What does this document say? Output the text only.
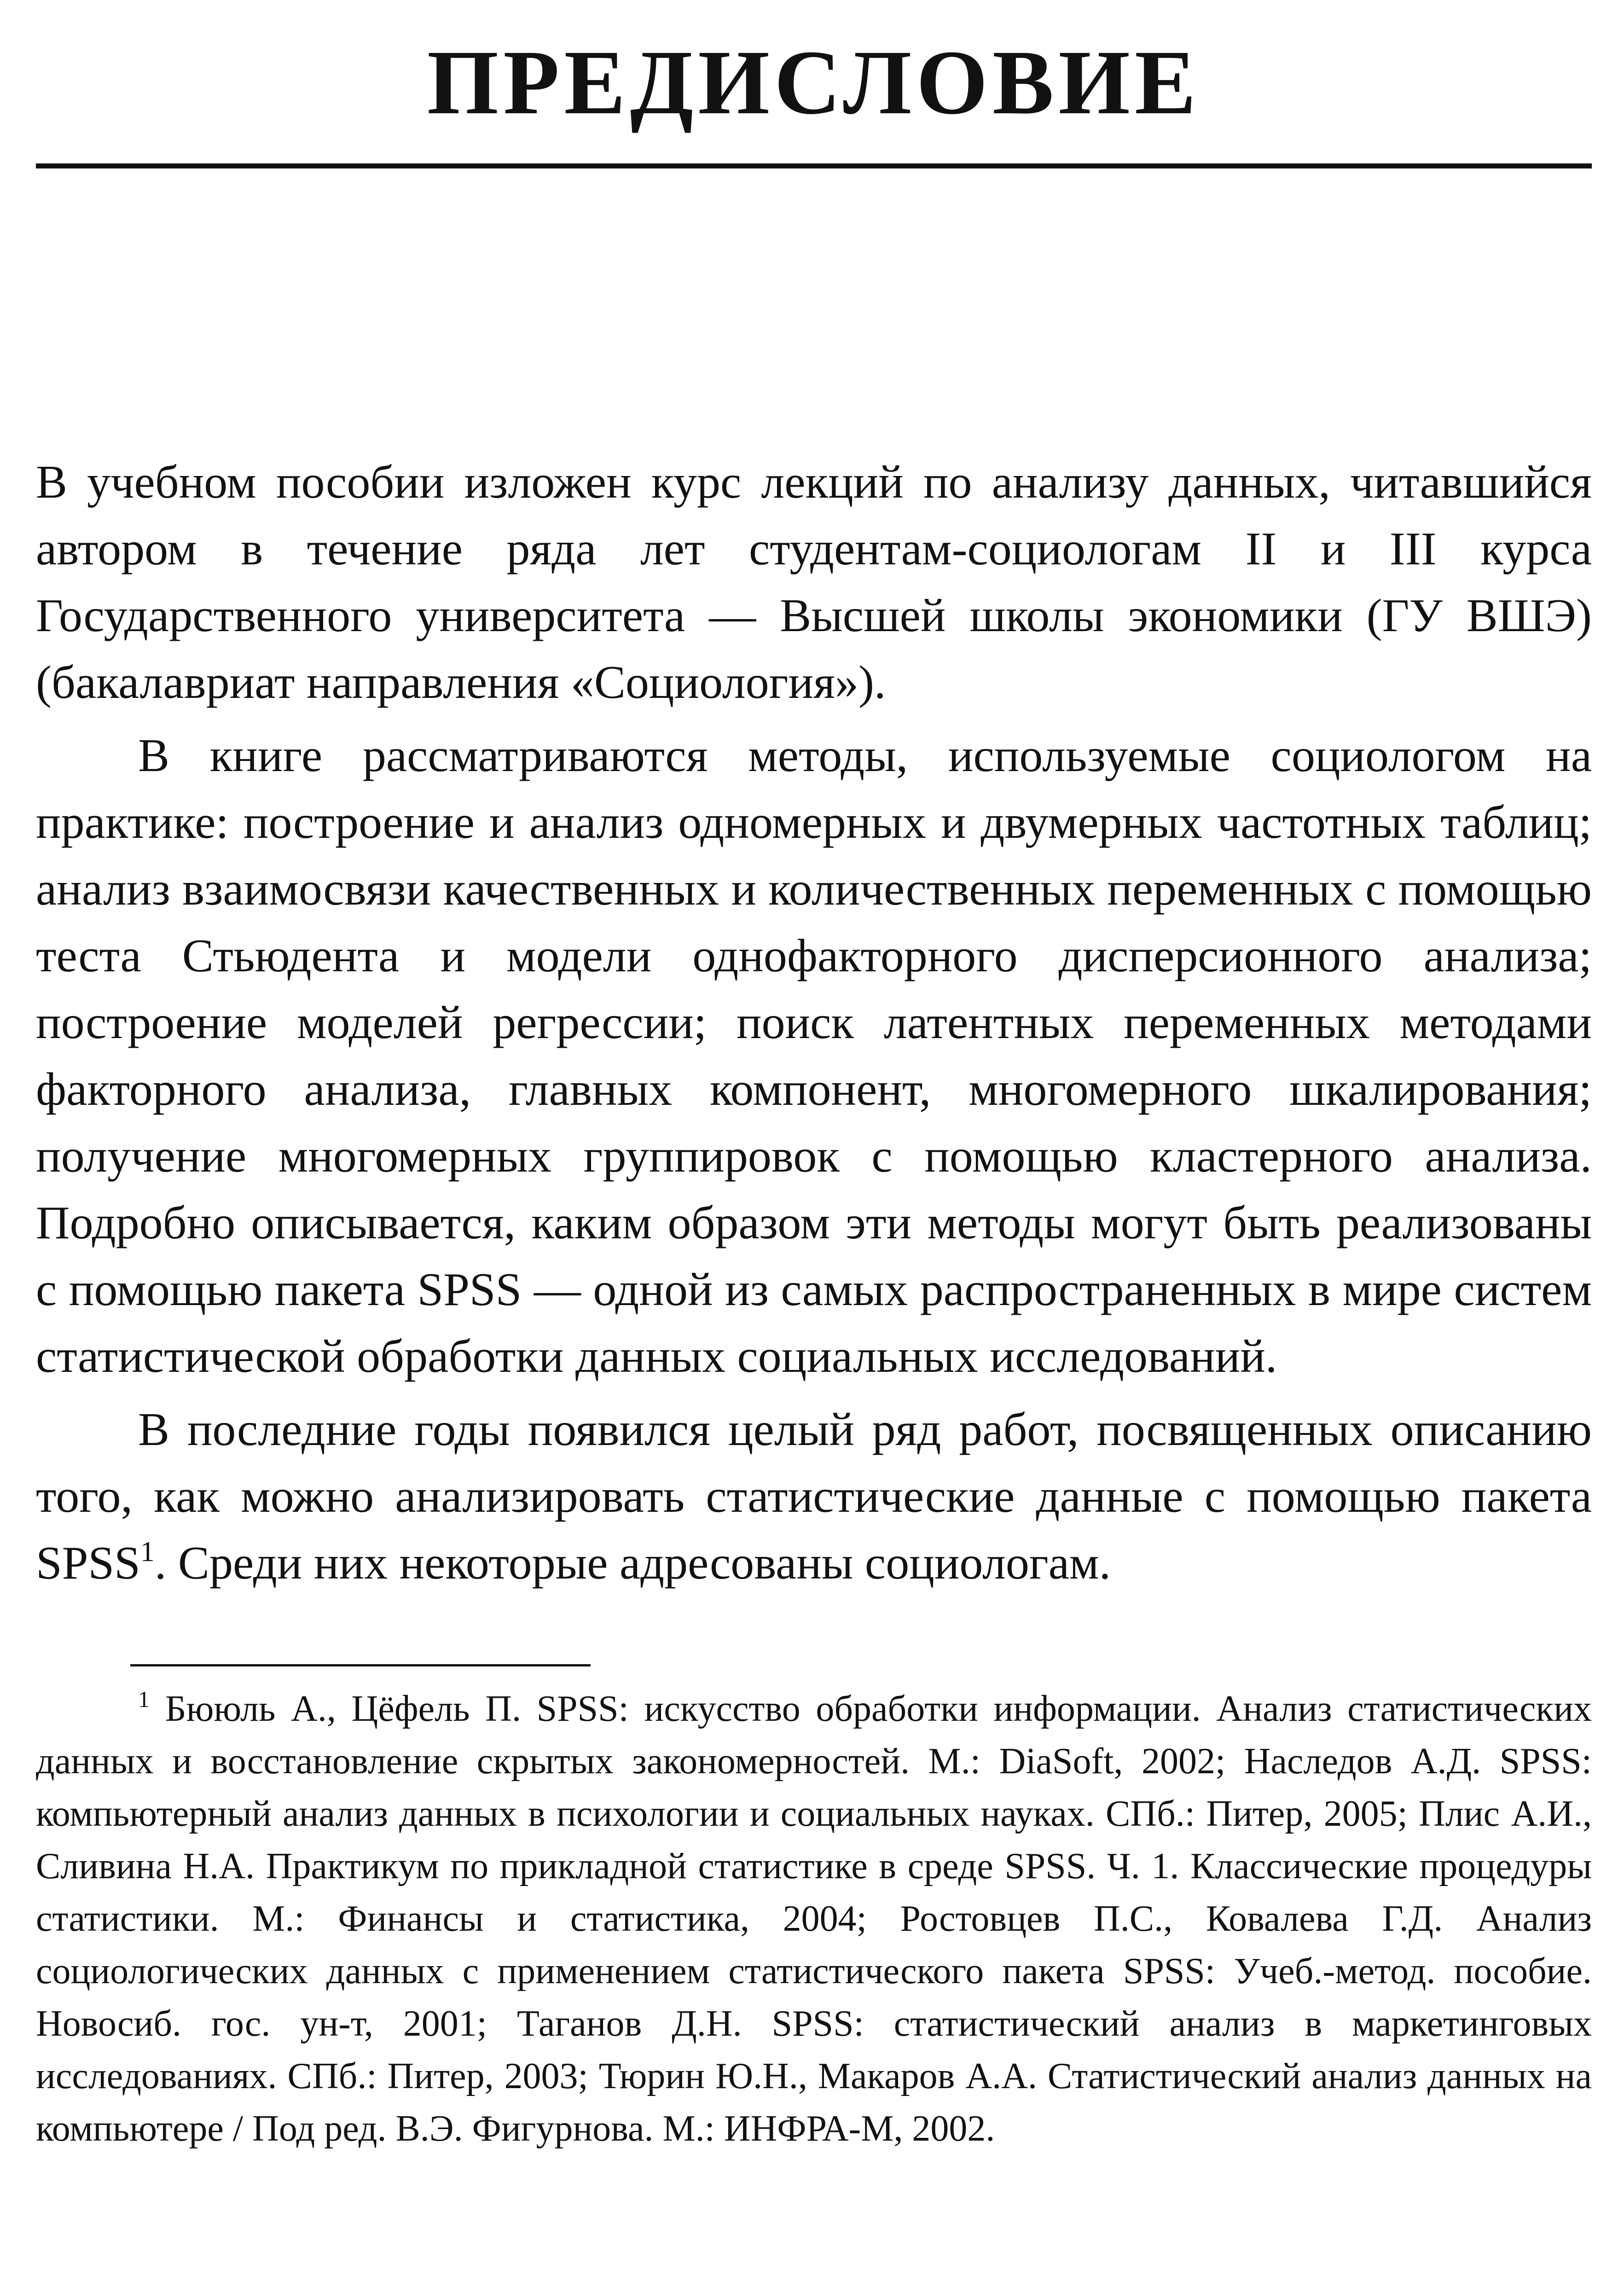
ПРЕДИСЛОВИЕ

В учебном пособии изложен курс лекций по анализу данных, читавшийся автором в течение ряда лет студентам-социологам II и III курса Государственного университета — Высшей школы экономики (ГУ ВШЭ) (бакалавриат направления «Социология»).

В книге рассматриваются методы, используемые социологом на практике: построение и анализ одномерных и двумерных частотных таблиц; анализ взаимосвязи качественных и количественных переменных с помощью теста Стьюдента и модели однофакторного дисперсионного анализа; построение моделей регрессии; поиск латентных переменных методами факторного анализа, главных компонент, многомерного шкалирования; получение многомерных группировок с помощью кластерного анализа. Подробно описывается, каким образом эти методы могут быть реализованы с помощью пакета SPSS — одной из самых распространенных в мире систем статистической обработки данных социальных исследований.

В последние годы появился целый ряд работ, посвященных описанию того, как можно анализировать статистические данные с помощью пакета SPSS$^1$. Среди них некоторые адресованы социологам.

$^1$ Бююль А., Цёфель П. SPSS: искусство обработки информации. Анализ статистических данных и восстановление скрытых закономерностей. М.: DiaSoft, 2002; Наследов А.Д. SPSS: компьютерный анализ данных в психологии и социальных науках. СПб.: Питер, 2005; Плис А.И., Сливина Н.А. Практикум по прикладной статистике в среде SPSS. Ч. 1. Классические процедуры статистики. М.: Финансы и статистика, 2004; Ростовцев П.С., Ковалева Г.Д. Анализ социологических данных с применением статистического пакета SPSS: Учеб.-метод. пособие. Новосиб. гос. ун-т, 2001; Таганов Д.Н. SPSS: статистический анализ в маркетинговых исследованиях. СПб.: Питер, 2003; Тюрин Ю.Н., Макаров А.А. Статистический анализ данных на компьютере / Под ред. В.Э. Фигурнова. М.: ИНФРА-М, 2002.
